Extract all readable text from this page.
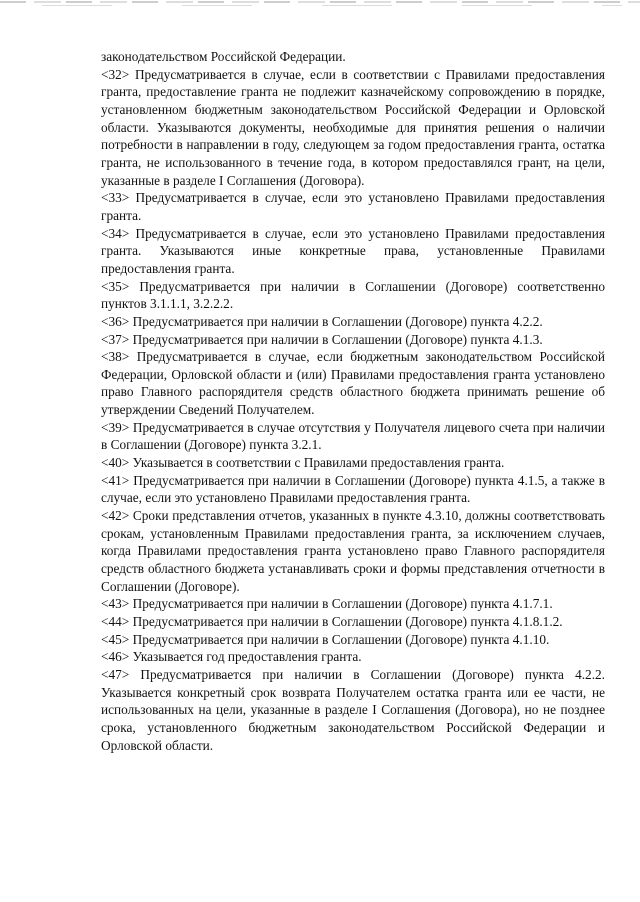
законодательством Российской Федерации.

<32> Предусматривается в случае, если в соответствии с Правилами предоставления гранта, предоставление гранта не подлежит казначейскому сопровождению в порядке, установленном бюджетным законодательством Российской Федерации и Орловской области. Указываются документы, необходимые для принятия решения о наличии потребности в направлении в году, следующем за годом предоставления гранта, остатка гранта, не использованного в течение года, в котором предоставлялся грант, на цели, указанные в разделе I Соглашения (Договора).

<33> Предусматривается в случае, если это установлено Правилами предоставления гранта.

<34> Предусматривается в случае, если это установлено Правилами предоставления гранта. Указываются иные конкретные права, установленные Правилами предоставления гранта.

<35> Предусматривается при наличии в Соглашении (Договоре) соответственно пунктов 3.1.1.1, 3.2.2.2.

<36> Предусматривается при наличии в Соглашении (Договоре) пункта 4.2.2.

<37> Предусматривается при наличии в Соглашении (Договоре) пункта 4.1.3.

<38> Предусматривается в случае, если бюджетным законодательством Российской Федерации, Орловской области и (или) Правилами предоставления гранта установлено право Главного распорядителя средств областного бюджета принимать решение об утверждении Сведений Получателем.

<39> Предусматривается в случае отсутствия у Получателя лицевого счета при наличии в Соглашении (Договоре) пункта 3.2.1.

<40> Указывается в соответствии с Правилами предоставления гранта.

<41> Предусматривается при наличии в Соглашении (Договоре) пункта 4.1.5, а также в случае, если это установлено Правилами предоставления гранта.

<42> Сроки представления отчетов, указанных в пункте 4.3.10, должны соответствовать срокам, установленным Правилами предоставления гранта, за исключением случаев, когда Правилами предоставления гранта установлено право Главного распорядителя средств областного бюджета устанавливать сроки и формы представления отчетности в Соглашении (Договоре).

<43> Предусматривается при наличии в Соглашении (Договоре) пункта 4.1.7.1.

<44> Предусматривается при наличии в Соглашении (Договоре) пункта 4.1.8.1.2.

<45> Предусматривается при наличии в Соглашении (Договоре) пункта 4.1.10.

<46> Указывается год предоставления гранта.

<47> Предусматривается при наличии в Соглашении (Договоре) пункта 4.2.2. Указывается конкретный срок возврата Получателем остатка гранта или ее части, не использованных на цели, указанные в разделе I Соглашения (Договора), но не позднее срока, установленного бюджетным законодательством Российской Федерации и Орловской области.
